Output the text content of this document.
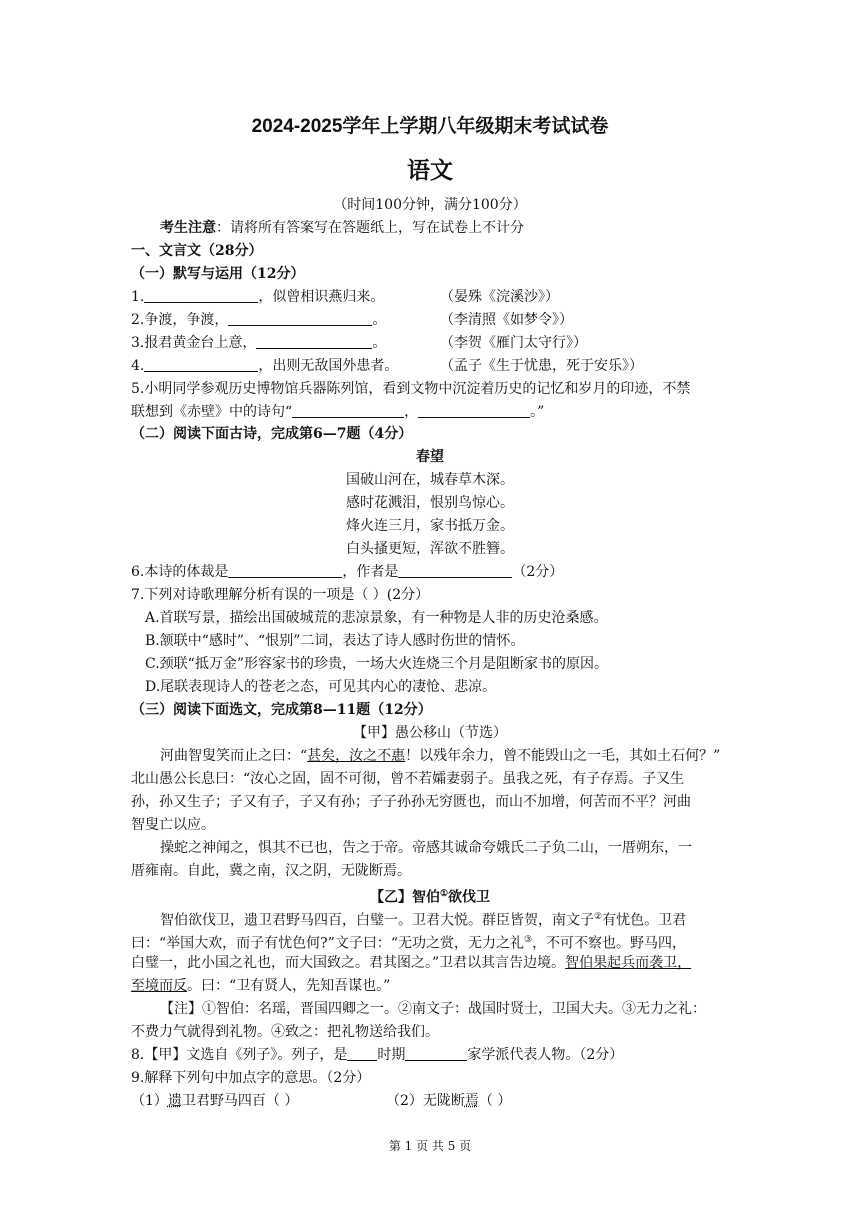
2024-2025学年上学期八年级期末考试试卷
语文
（时间100分钟，满分100分）
考生注意：请将所有答案写在答题纸上，写在试卷上不计分
一、文言文（28分）
（一）默写与运用（12分）
1.	，似曾相识燕归来。	（晏殊《浣溪沙》）
2.争渡，争渡，	。	（李清照《如梦令》）
3.报君黄金台上意，	。	（李贺《雁门太守行》）
4.	，出则无敌国外患者。	（孟子《生于忧患，死于安乐》）
5.小明同学参观历史博物馆兵器陈列馆，看到文物中沉淀着历史的记忆和岁月的印迹，不禁
联想到《赤壁》中的诗句“	，	。”
（二）阅读下面古诗，完成第6—7题（4分）
春望
国破山河在，城春草木深。
感时花溅泪，恨别鸟惊心。
烽火连三月，家书抵万金。
白头搔更短，浑欲不胜簪。
6.本诗的体裁是	，作者是	（2分）
7.下列对诗歌理解分析有误的一项是（ ）(2分）
A.首联写景，描绘出国破城荒的悲凉景象，有一种物是人非的历史沧桑感。
B.颔联中“感时”、“恨别”二词，表达了诗人感时伤世的情怀。
C.颈联“抵万金”形容家书的珍贵，一场大火连烧三个月是阻断家书的原因。
D.尾联表现诗人的苍老之态，可见其内心的凄怆、悲凉。
（三）阅读下面选文，完成第8—11题（12分）
【甲】愚公移山（节选）
河曲智叟笑而止之曰：“甚矣，汝之不惠！以残年余力，曾不能毁山之一毛，其如土石何？”
北山愚公长息曰：“汝心之固，固不可彻，曾不若孀妻弱子。虽我之死，有子存焉。子又生
孙，孙又生子；子又有子，子又有孙；子子孙孙无穷匮也，而山不加增，何苦而不平？河曲
智叟亡以应。
操蛇之神闻之，惧其不已也，告之于帝。帝感其诚命夸娥氏二子负二山，一厝朔东，一
厝雍南。自此，冀之南，汉之阴，无陇断焉。
【乙】智伯①欲伐卫
智伯欲伐卫，遗卫君野马四百，白璧一。卫君大悦。群臣皆贺，南文子②有忧色。卫君
曰：“举国大欢，而子有忧色何?”文子曰：“无功之赏，无力之礼③，不可不察也。野马四，
白璧一，此小国之礼也，而大国致之。君其图之。”卫君以其言告边境。智伯果起兵而袭卫，
至境而反。曰：“卫有贤人，先知吾谋也。”
【注】①智伯：名瑶，晋国四卿之一。②南文子：战国时贤士，卫国大夫。③无力之礼：
不费力气就得到礼物。④致之：把礼物送给我们。
8.【甲】文选自《列子》。列子，是 时期	家学派代表人物。（2分）
9.解释下列句中加点字的意思。（2分）
（1）遗卫君野马四百（ ）	（2）无陇断焉（ ）
第 1 页 共 5 页
